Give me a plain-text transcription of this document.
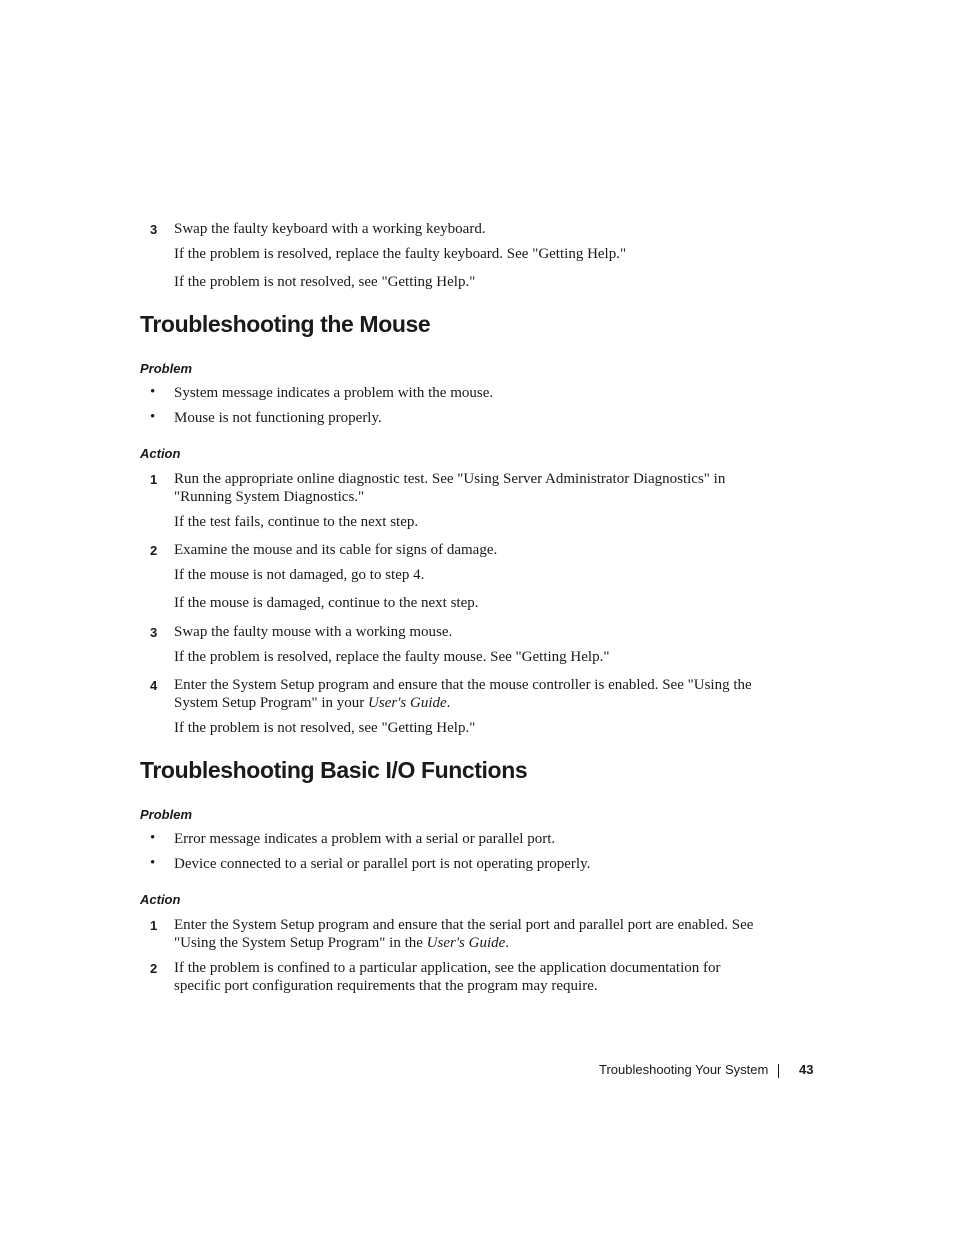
3 Swap the faulty keyboard with a working keyboard.
If the problem is resolved, replace the faulty keyboard. See "Getting Help."
If the problem is not resolved, see "Getting Help."
Troubleshooting the Mouse
Problem
• System message indicates a problem with the mouse.
• Mouse is not functioning properly.
Action
1 Run the appropriate online diagnostic test. See "Using Server Administrator Diagnostics" in "Running System Diagnostics."
If the test fails, continue to the next step.
2 Examine the mouse and its cable for signs of damage.
If the mouse is not damaged, go to step 4.
If the mouse is damaged, continue to the next step.
3 Swap the faulty mouse with a working mouse.
If the problem is resolved, replace the faulty mouse. See "Getting Help."
4 Enter the System Setup program and ensure that the mouse controller is enabled. See "Using the System Setup Program" in your User's Guide.
If the problem is not resolved, see "Getting Help."
Troubleshooting Basic I/O Functions
Problem
• Error message indicates a problem with a serial or parallel port.
• Device connected to a serial or parallel port is not operating properly.
Action
1 Enter the System Setup program and ensure that the serial port and parallel port are enabled. See "Using the System Setup Program" in the User's Guide.
2 If the problem is confined to a particular application, see the application documentation for specific port configuration requirements that the program may require.
Troubleshooting Your System 43
